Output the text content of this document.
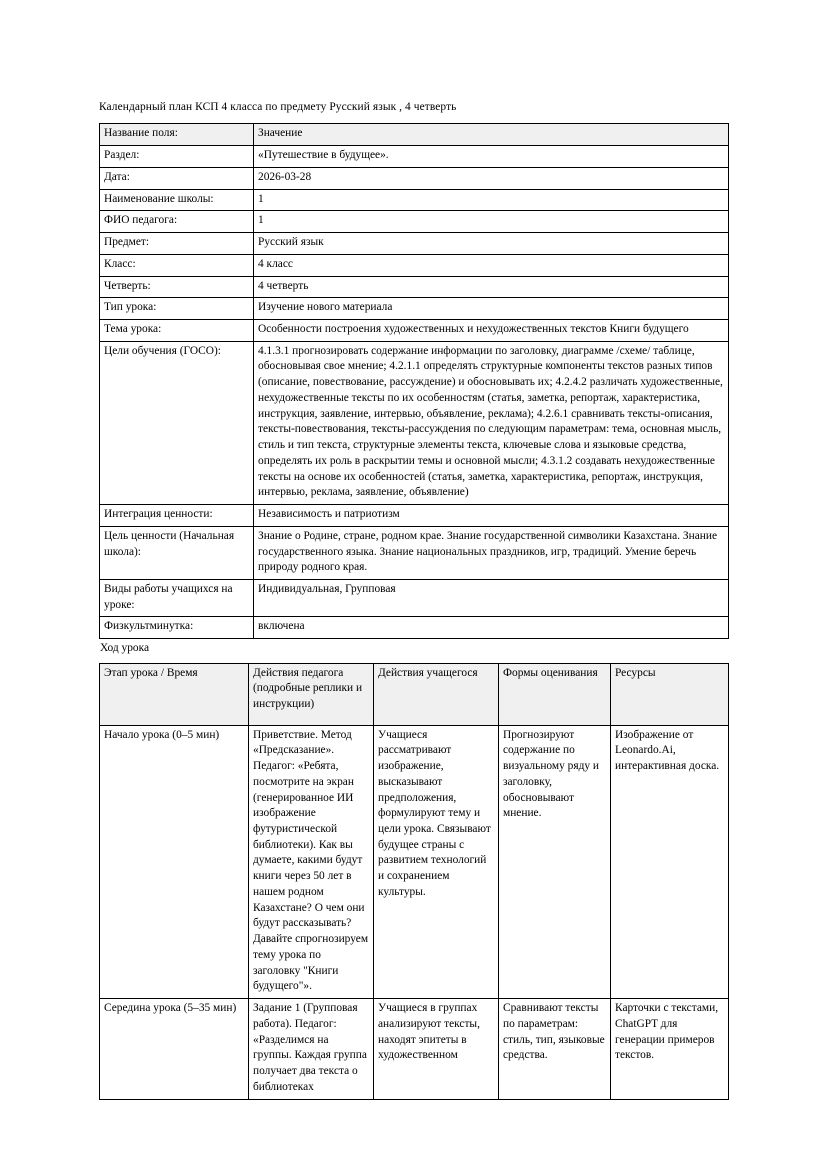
Календарный план КСП 4 класса по предмету Русский язык , 4 четверть

Название поля:	Значение
Раздел:	«Путешествие в будущее».
Дата:	2026-03-28
Наименование школы:	1
ФИО педагога:	1
Предмет:	Русский язык
Класс:	4 класс
Четверть:	4 четверть
Тип урока:	Изучение нового материала
Тема урока:	Особенности построения художественных и нехудожественных текстов Книги будущего
Цели обучения (ГОСО):	4.1.3.1 прогнозировать содержание информации по заголовку, диаграмме /схеме/ таблице, обосновывая свое мнение; 4.2.1.1 определять структурные компоненты текстов разных типов (описание, повествование, рассуждение) и обосновывать их; 4.2.4.2 различать художественные, нехудожественные тексты по их особенностям (статья, заметка, репортаж, характеристика, инструкция, заявление, интервью, объявление, реклама); 4.2.6.1 сравнивать тексты-описания, тексты-повествования, тексты-рассуждения по следующим параметрам: тема, основная мысль, стиль и тип текста, структурные элементы текста, ключевые слова и языковые средства, определять их роль в раскрытии темы и основной мысли; 4.3.1.2 создавать нехудожественные тексты на основе их особенностей (статья, заметка, характеристика, репортаж, инструкция, интервью, реклама, заявление, объявление)
Интеграция ценности:	Независимость и патриотизм
Цель ценности (Начальная школа):	Знание о Родине, стране, родном крае. Знание государственной символики Казахстана. Знание государственного языка. Знание национальных праздников, игр, традиций. Умение беречь природу родного края.
Виды работы учащихся на уроке:	Индивидуальная, Групповая
Физкультминутка:	включена

Ход урока

Этап урока / Время	Действия педагога (подробные реплики и инструкции)	Действия учащегося	Формы оценивания	Ресурсы
Начало урока (0–5 мин)	Приветствие. Метод «Предсказание». Педагог: «Ребята, посмотрите на экран (генерированное ИИ изображение футуристической библиотеки). Как вы думаете, какими будут книги через 50 лет в нашем родном Казахстане? О чем они будут рассказывать? Давайте спрогнозируем тему урока по заголовку "Книги будущего"».	Учащиеся рассматривают изображение, высказывают предположения, формулируют тему и цели урока. Связывают будущее страны с развитием технологий и сохранением культуры.	Прогнозируют содержание по визуальному ряду и заголовку, обосновывают мнение.	Изображение от Leonardo.Ai, интерактивная доска.
Середина урока (5–35 мин)	Задание 1 (Групповая работа). Педагог: «Разделимся на группы. Каждая группа получает два текста о библиотеках	Учащиеся в группах анализируют тексты, находят эпитеты в художественном	Сравнивают тексты по параметрам: стиль, тип, языковые средства.	Карточки с текстами, ChatGPT для генерации примеров текстов.
